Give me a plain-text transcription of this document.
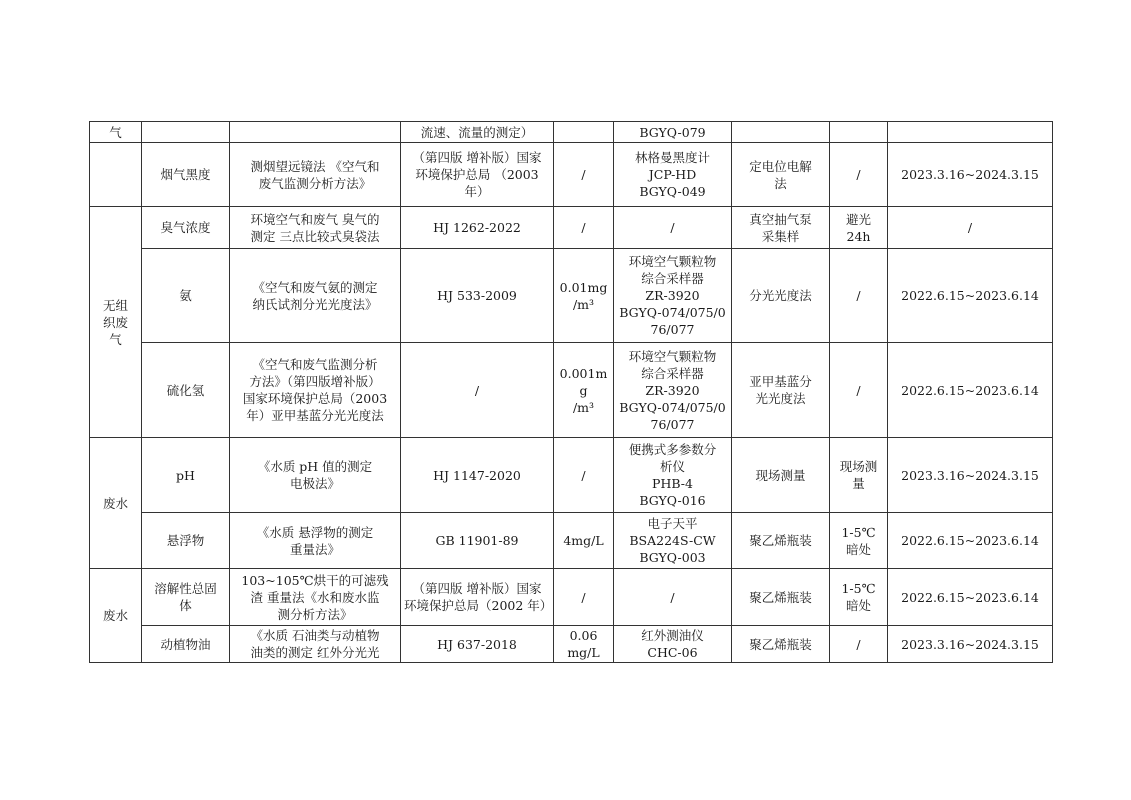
气			流速、流量的测定）		BGYQ-079			

	烟气黑度	测烟望远镜法 《空气和
废气监测分析方法》	（第四版 增补版）国家
环境保护总局 （2003
年）	/	林格曼黑度计
JCP-HD
BGYQ-049	定电位电解
法	/	2023.3.16~2024.3.15

无组
织废
气	臭气浓度	环境空气和废气 臭气的
测定 三点比较式臭袋法	HJ 1262-2022	/	/	真空抽气泵
采集样	避光
24h	/

	氨	《空气和废气氨的测定
纳氏试剂分光光度法》	HJ 533-2009	0.01mg
/m³	环境空气颗粒物
综合采样器
ZR-3920
BGYQ-074/075/0
76/077	分光光度法	/	2022.6.15~2023.6.14

	硫化氢	《空气和废气监测分析
方法》（第四版增补版）
国家环境保护总局（2003
年）亚甲基蓝分光光度法	/	0.001mg
/m³	环境空气颗粒物
综合采样器
ZR-3920
BGYQ-074/075/0
76/077	亚甲基蓝分
光光度法	/	2022.6.15~2023.6.14

废水	pH	《水质 pH 值的测定
电极法》	HJ 1147-2020	/	便携式多参数分
析仪
PHB-4
BGYQ-016	现场测量	现场测
量	2023.3.16~2024.3.15

	悬浮物	《水质 悬浮物的测定
重量法》	GB 11901-89	4mg/L	电子天平
BSA224S-CW
BGYQ-003	聚乙烯瓶装	1-5℃
暗处	2022.6.15~2023.6.14

废水	溶解性总固
体	103~105℃烘干的可滤残
渣 重量法《水和废水监
测分析方法》	（第四版 增补版）国家
环境保护总局（2002 年）	/	/	聚乙烯瓶装	1-5℃
暗处	2022.6.15~2023.6.14

	动植物油	《水质 石油类与动植物
油类的测定 红外分光光	HJ 637-2018	0.06
mg/L	红外测油仪
CHC-06	聚乙烯瓶装	/	2023.3.16~2024.3.15
